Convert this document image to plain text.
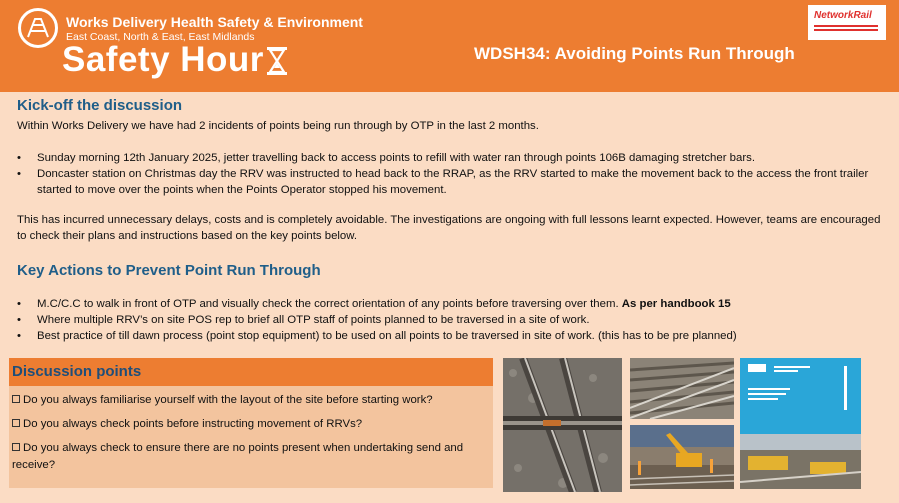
Works Delivery Health Safety & Environment
East Coast, North & East, East Midlands
Safety Hour	WDSH34: Avoiding Points Run Through
NetworkRail
Kick-off the discussion
Within Works Delivery we have had 2 incidents of points being run through by OTP in the last 2 months.
• Sunday morning 12th January 2025, jetter travelling back to access points to refill with water ran through points 106B damaging stretcher bars.
• Doncaster station on Christmas day the RRV was instructed to head back to the RRAP, as the RRV started to make the movement back to the access the front trailer started to move over the points when the Points Operator stopped his movement.
This has incurred unnecessary delays, costs and is completely avoidable. The investigations are ongoing with full lessons learnt expected. However, teams are encouraged to check their plans and instructions based on the key points below.
Key Actions to Prevent Point Run Through
• M.C/C.C to walk in front of OTP and visually check the correct orientation of any points before traversing over them. As per handbook 15
• Where multiple RRV’s on site POS rep to brief all OTP staff of points planned to be traversed in a site of work.
• Best practice of till dawn process (point stop equipment) to be used on all points to be traversed in site of work. (this has to be pre planned)
Discussion points
Do you always familiarise yourself with the layout of the site before starting work?
Do you always check points before instructing movement of RRVs?
Do you always check to ensure there are no points present when undertaking send and receive?
